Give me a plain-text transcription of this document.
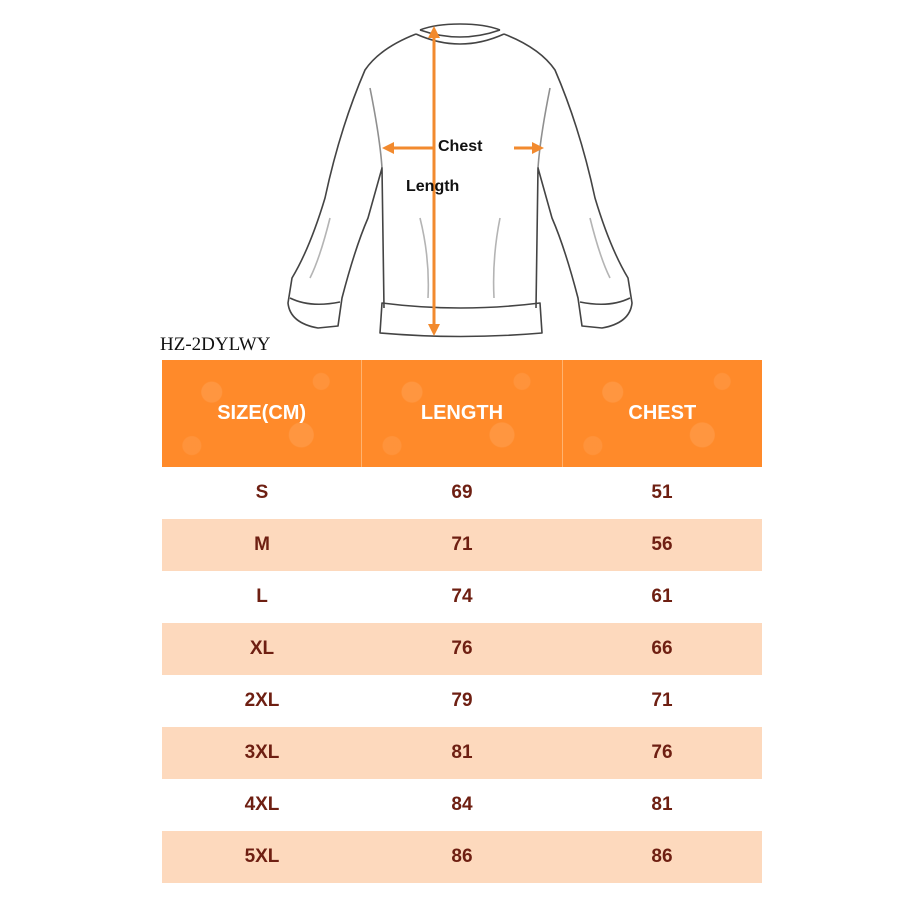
Chest
Length
HZ-2DYLWY
SIZE(CM)	LENGTH	CHEST
S	69	51
M	71	56
L	74	61
XL	76	66
2XL	79	71
3XL	81	76
4XL	84	81
5XL	86	86
